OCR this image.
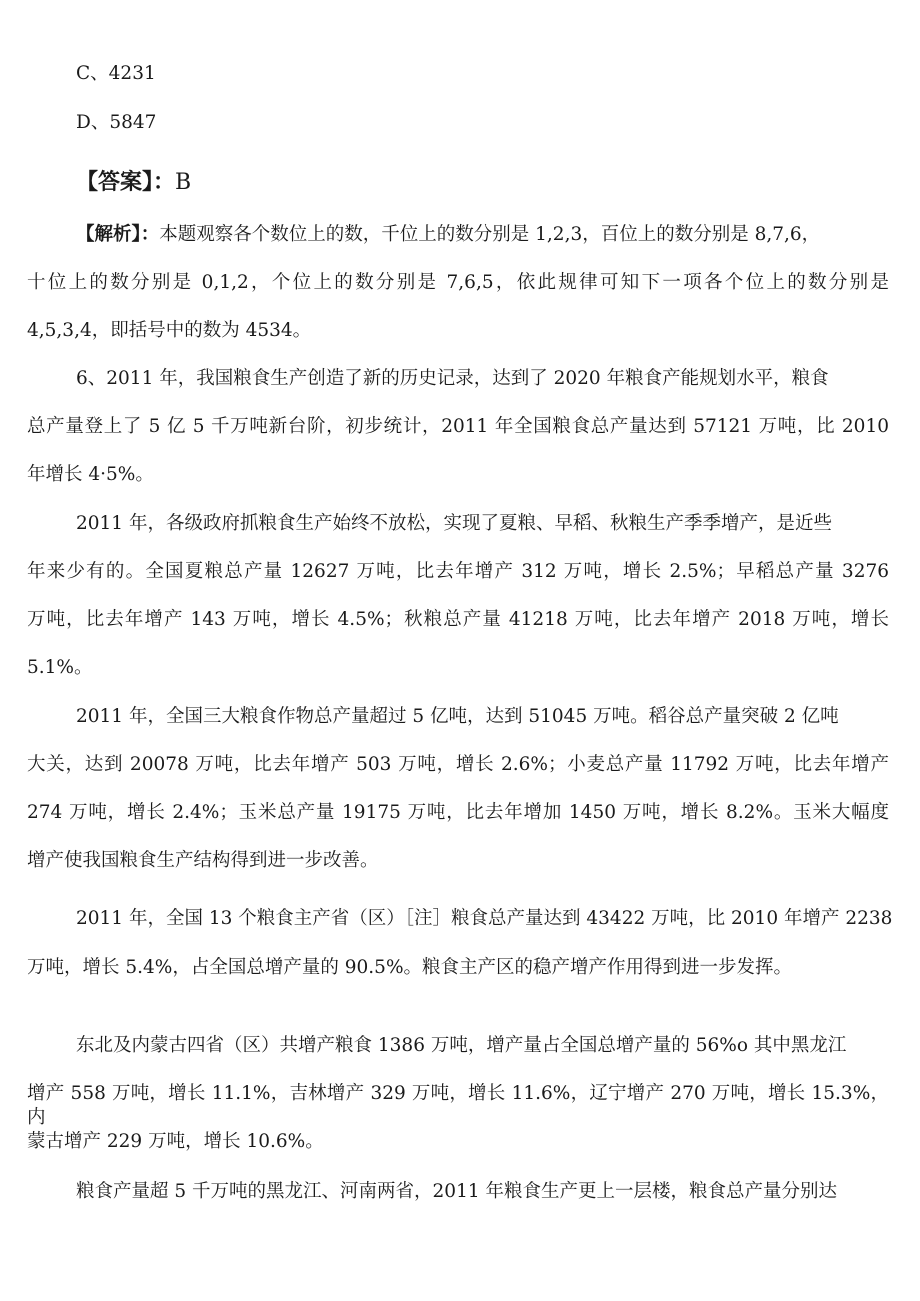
C、4231
D、5847
【答案】：B
【解析】：本题观察各个数位上的数，千位上的数分别是 1,2,3，百位上的数分别是 8,7,6，
十位上的数分别是 0,1,2，个位上的数分别是 7,6,5，依此规律可知下一项各个位上的数分别是
4,5,3,4，即括号中的数为 4534。
6、2011 年，我国粮食生产创造了新的历史记录，达到了 2020 年粮食产能规划水平，粮食
总产量登上了 5 亿 5 千万吨新台阶，初步统计，2011 年全国粮食总产量达到 57121 万吨，比 2010
年增长 4·5%。
2011 年，各级政府抓粮食生产始终不放松，实现了夏粮、早稻、秋粮生产季季增产，是近些
年来少有的。全国夏粮总产量 12627 万吨，比去年增产 312 万吨，增长 2.5%；早稻总产量 3276
万吨，比去年增产 143 万吨，增长 4.5%；秋粮总产量 41218 万吨，比去年增产 2018 万吨，增长
5.1%。
2011 年，全国三大粮食作物总产量超过 5 亿吨，达到 51045 万吨。稻谷总产量突破 2 亿吨
大关，达到 20078 万吨，比去年增产 503 万吨，增长 2.6%；小麦总产量 11792 万吨，比去年增产
274 万吨，增长 2.4%；玉米总产量 19175 万吨，比去年增加 1450 万吨，增长 8.2%。玉米大幅度
增产使我国粮食生产结构得到进一步改善。
2011 年，全国 13 个粮食主产省（区）［注］粮食总产量达到 43422 万吨，比 2010 年增产 2238
万吨，增长 5.4%，占全国总增产量的 90.5%。粮食主产区的稳产增产作用得到进一步发挥。
东北及内蒙古四省（区）共增产粮食 1386 万吨，增产量占全国总增产量的 56%o 其中黑龙江
增产 558 万吨，增长 11.1%，吉林增产 329 万吨，增长 11.6%，辽宁增产 270 万吨，增长 15.3%，内
蒙古增产 229 万吨，增长 10.6%。
粮食产量超 5 千万吨的黑龙江、河南两省，2011 年粮食生产更上一层楼，粮食总产量分别达
